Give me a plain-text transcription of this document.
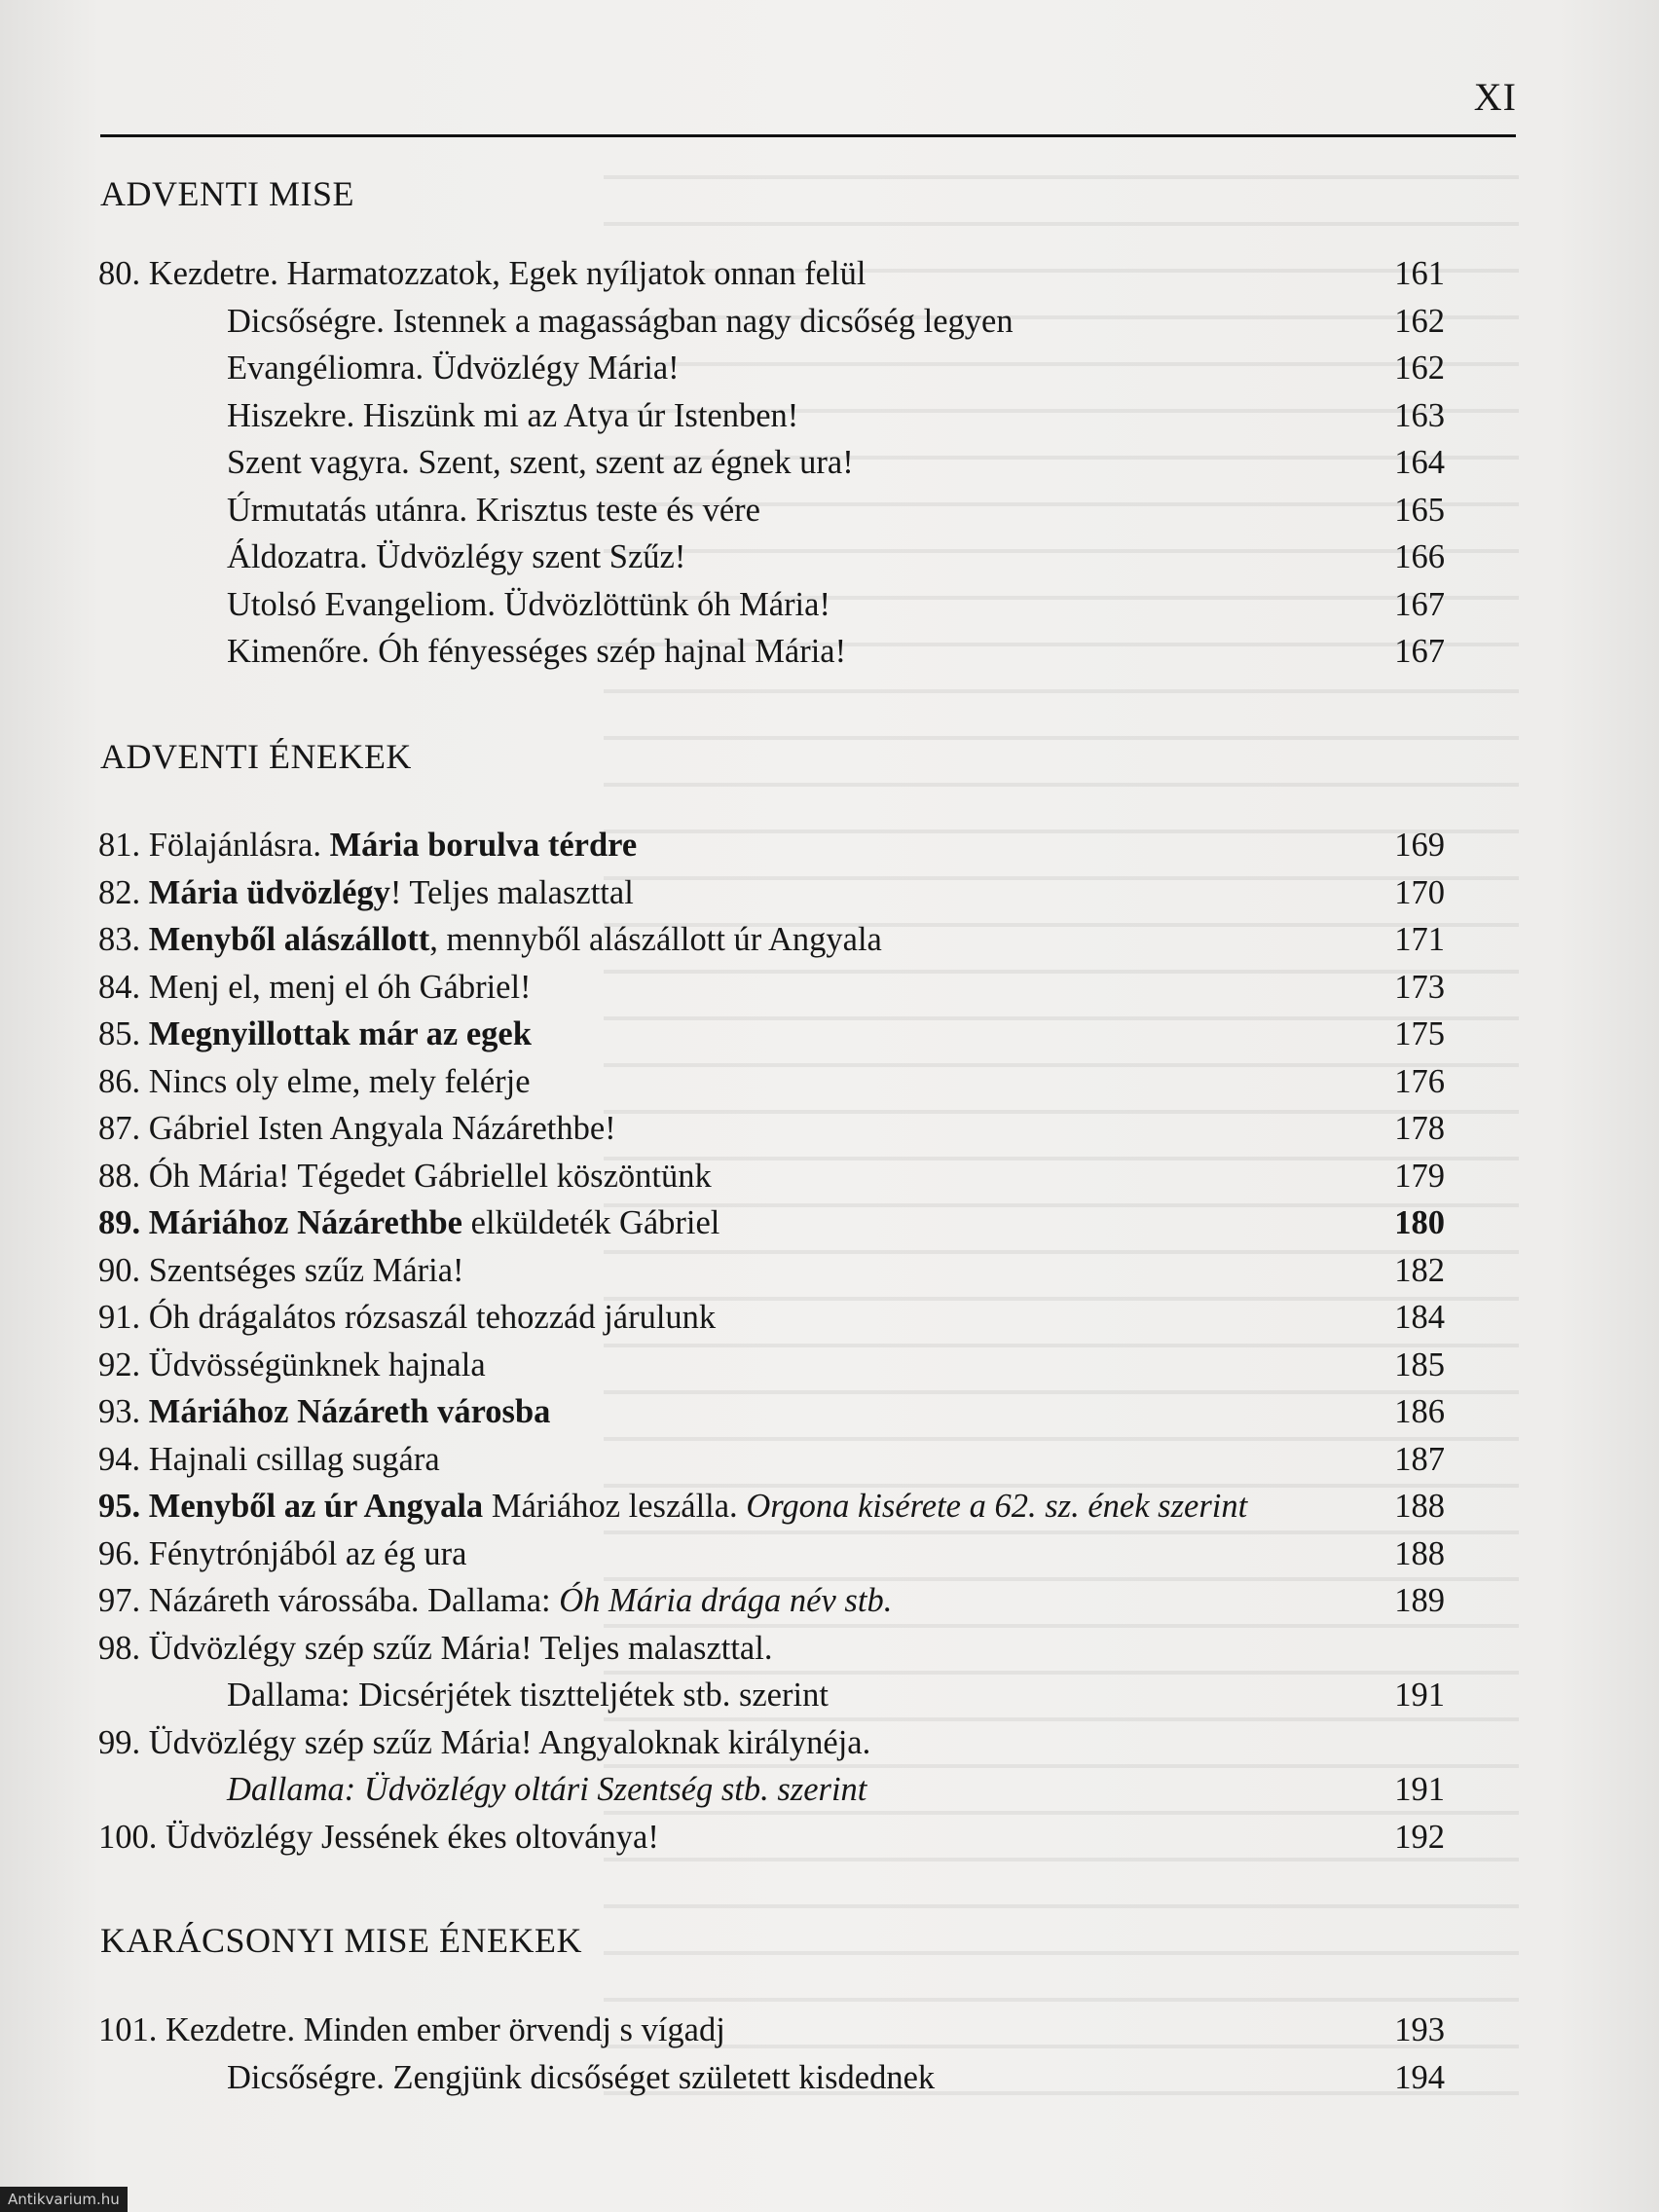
XI
ADVENTI MISE
80. Kezdetre. Harmatozzatok, Egek nyíljatok onnan felül	161
Dicsőségre. Istennek a magasságban nagy dicsőség legyen	162
Evangéliomra. Üdvözlégy Mária!	162
Hiszekre. Hiszünk mi az Atya úr Istenben!	163
Szent vagyra. Szent, szent, szent az égnek ura!	164
Úrmutatás utánra. Krisztus teste és vére	165
Áldozatra. Üdvözlégy szent Szűz!	166
Utolsó Evangeliom. Üdvözlöttünk óh Mária!	167
Kimenőre. Óh fényességes szép hajnal Mária!	167
ADVENTI ÉNEKEK
81. Fölajánlásra. Mária borulva térdre	169
82. Mária üdvözlégy! Teljes malaszttal	170
83. Menyből alászállott, mennyből alászállott úr Angyala	171
84. Menj el, menj el óh Gábriel!	173
85. Megnyillottak már az egek	175
86. Nincs oly elme, mely felérje	176
87. Gábriel Isten Angyala Názárethbe!	178
88. Óh Mária! Tégedet Gábriellel köszöntünk	179
89. Máriához Názárethbe elküldeték Gábriel	180
90. Szentséges szűz Mária!	182
91. Óh drágalátos rózsaszál tehozzád járulunk	184
92. Üdvösségünknek hajnala	185
93. Máriához Názáreth városba	186
94. Hajnali csillag sugára	187
95. Menyből az úr Angyala Máriához leszálla. Orgona kisérete a 62. sz. ének szerint	188
96. Fénytrónjából az ég ura	188
97. Názáreth várossába. Dallama: Óh Mária drága név stb.	189
98. Üdvözlégy szép szűz Mária! Teljes malaszttal.
Dallama: Dicsérjétek tisztteljétek stb. szerint	191
99. Üdvözlégy szép szűz Mária! Angyaloknak királynéja.
Dallama: Üdvözlégy oltári Szentség stb. szerint	191
100. Üdvözlégy Jessének ékes oltoványa!	192
KARÁCSONYI MISE ÉNEKEK
101. Kezdetre. Minden ember örvendj s vígadj	193
Dicsőségre. Zengjünk dicsőséget született kisdednek	194
Antikvarium.hu
